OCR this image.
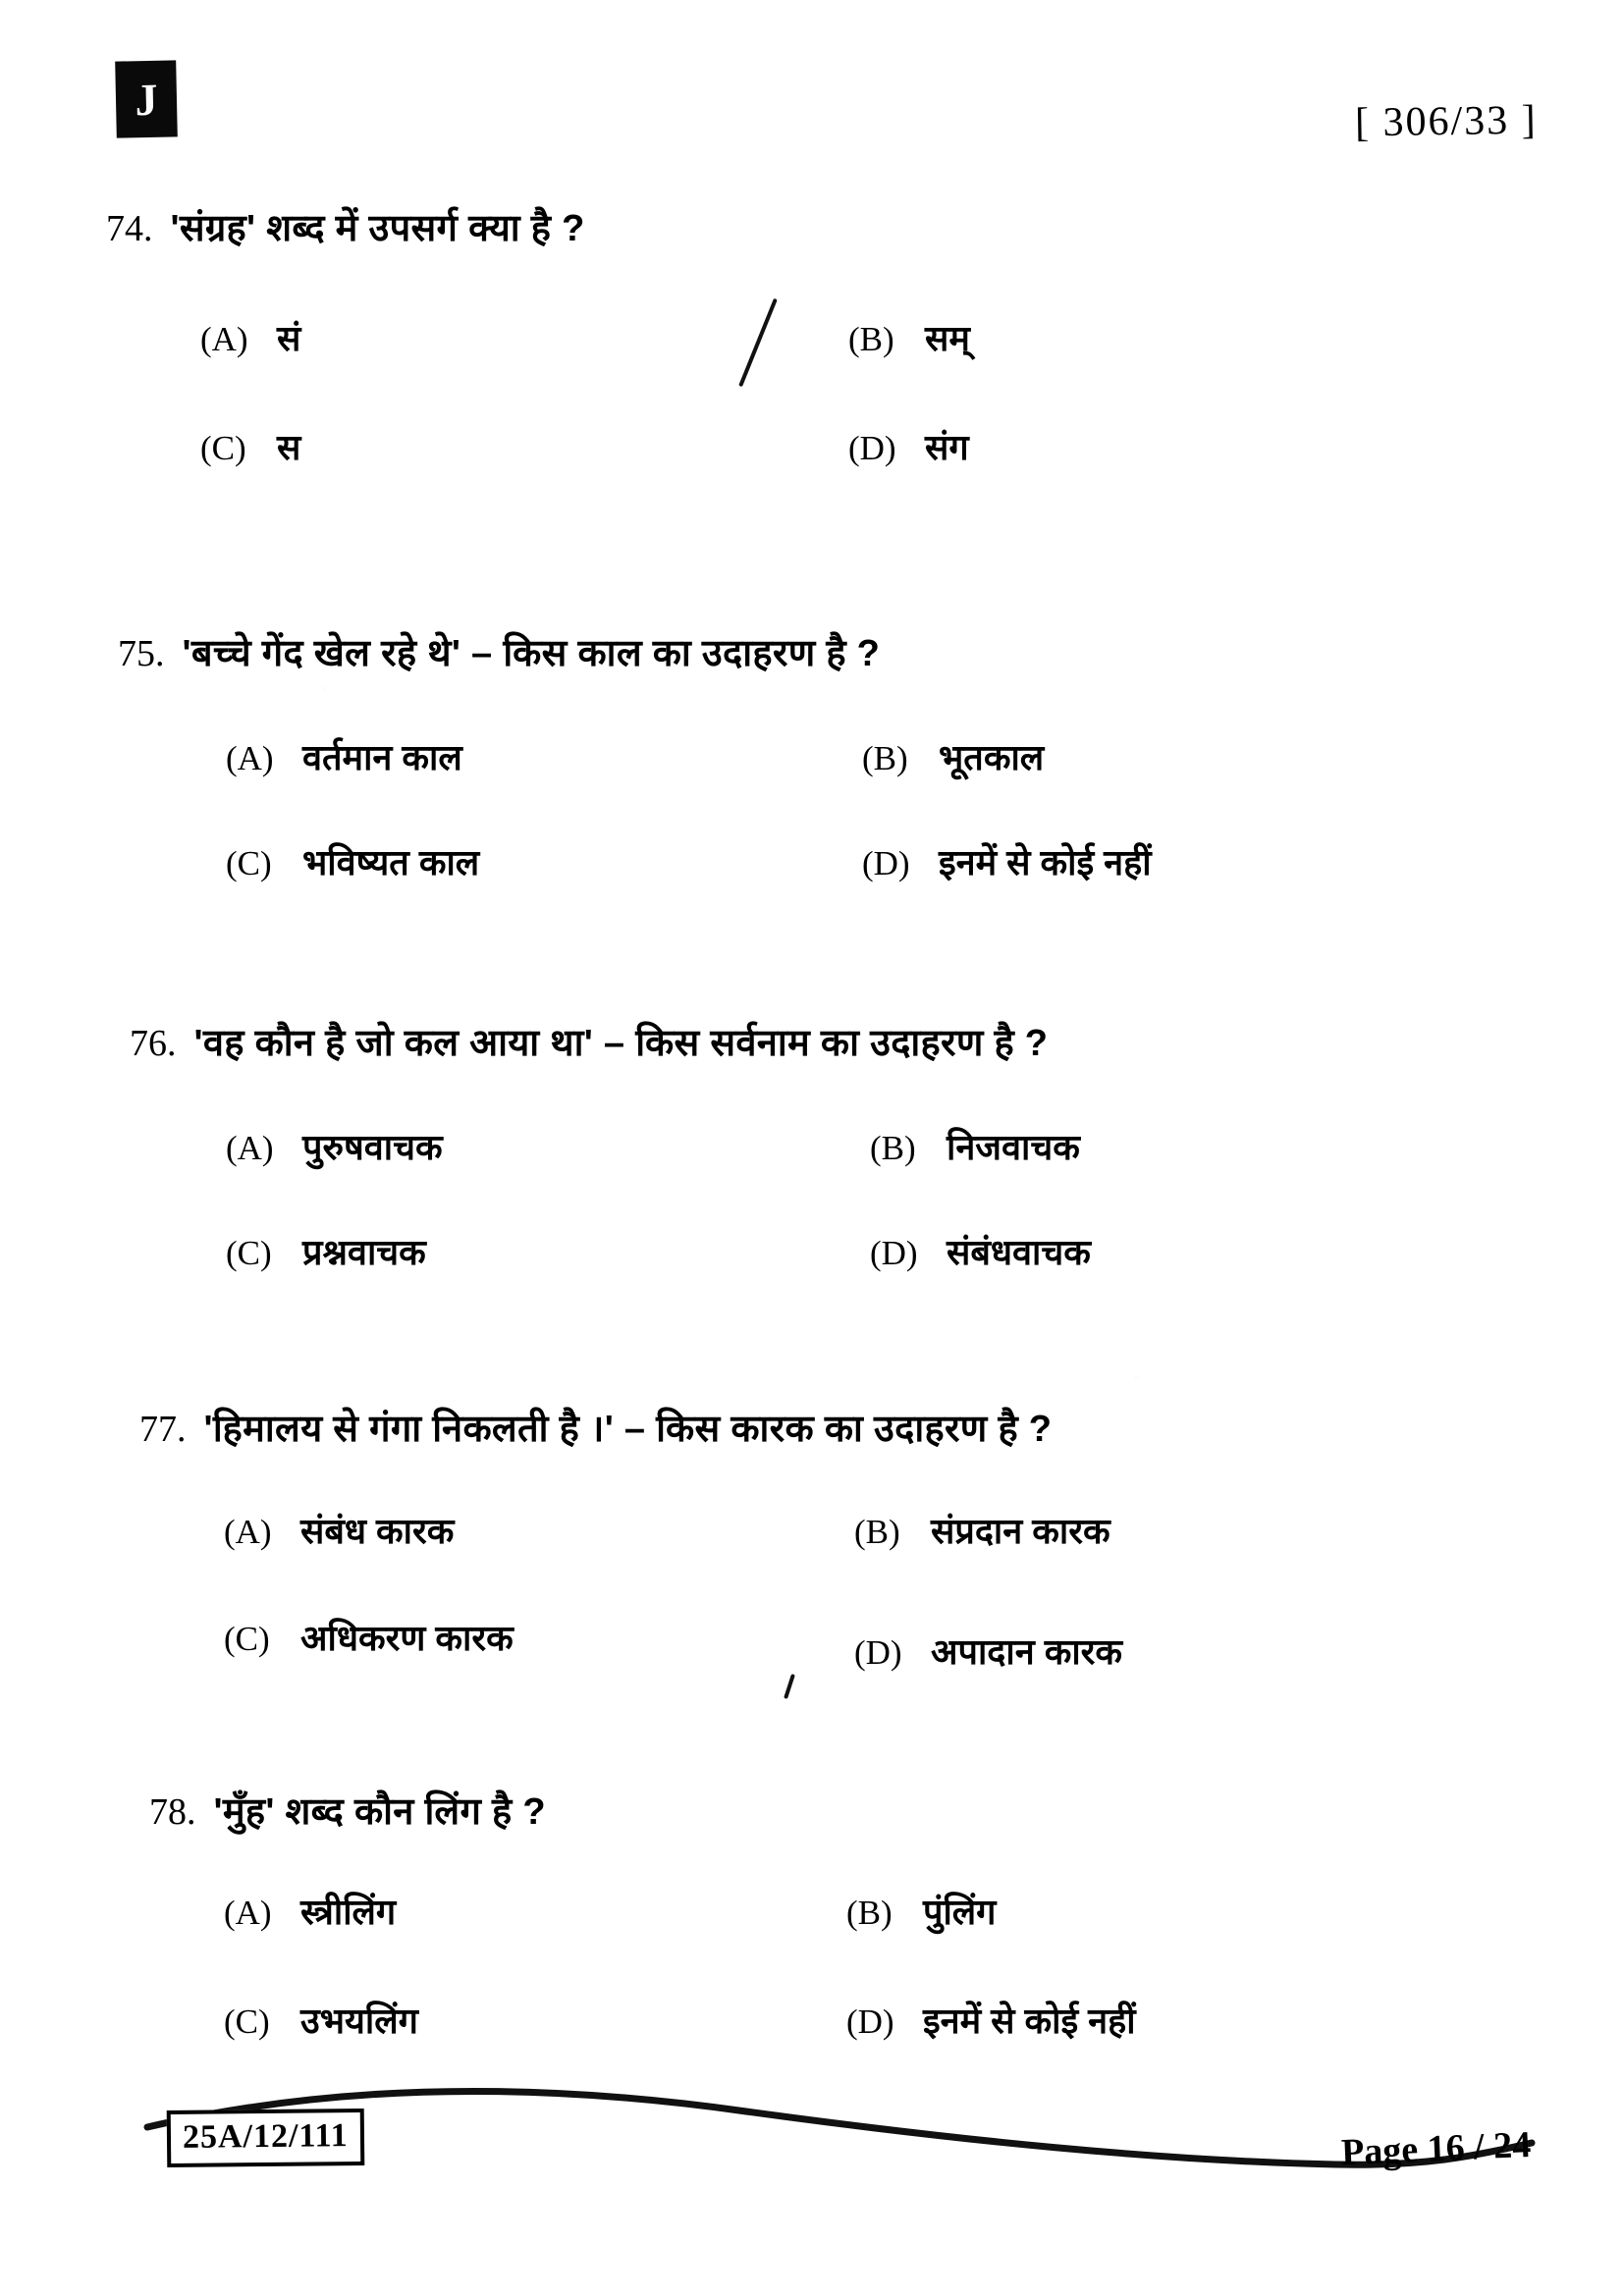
J	[ 306/33 ]
74. 'संग्रह' शब्द में उपसर्ग क्या है ?
(A) सं	(B) सम्
(C) स	(D) संग
75. 'बच्चे गेंद खेल रहे थे' – किस काल का उदाहरण है ?
(A) वर्तमान काल	(B) भूतकाल
(C) भविष्यत काल	(D) इनमें से कोई नहीं
76. 'वह कौन है जो कल आया था' – किस सर्वनाम का उदाहरण है ?
(A) पुरुषवाचक	(B) निजवाचक
(C) प्रश्नवाचक	(D) संबंधवाचक
77. 'हिमालय से गंगा निकलती है ।' – किस कारक का उदाहरण है ?
(A) संबंध कारक	(B) संप्रदान कारक
(C) अधिकरण कारक	(D) अपादान कारक
78. 'मुँह' शब्द कौन लिंग है ?
(A) स्त्रीलिंग	(B) पुंलिंग
(C) उभयलिंग	(D) इनमें से कोई नहीं
25A/12/111	Page 16 / 24
